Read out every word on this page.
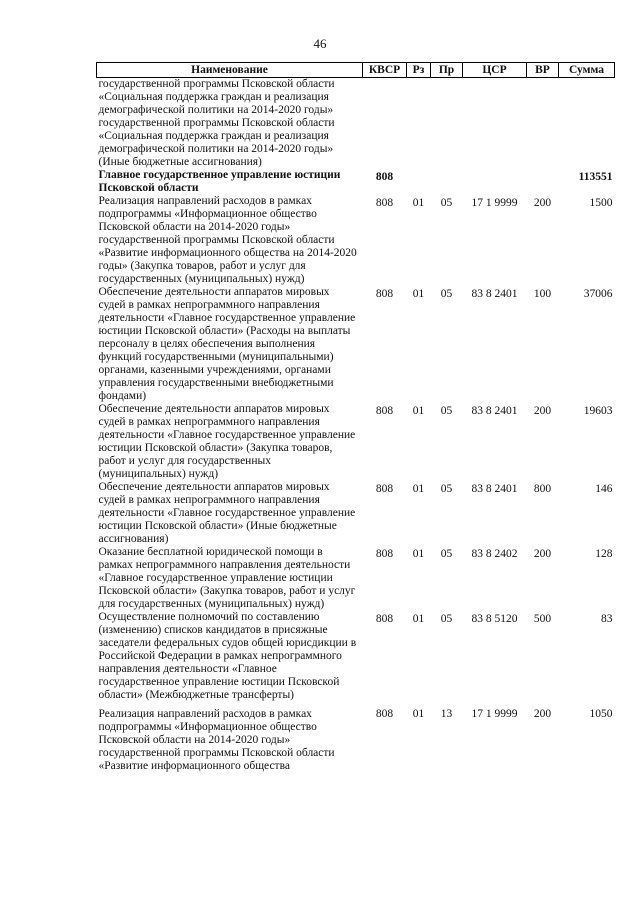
46
Наименование	КВСР	Рз	Пр	ЦСР	ВР	Сумма
государственной программы Псковской области «Социальная поддержка граждан и реализация демографической политики на 2014-2020 годы» государственной программы Псковской области «Социальная поддержка граждан и реализация демографической политики на 2014-2020 годы» (Иные бюджетные ассигнования)						
Главное государственное управление юстиции Псковской области	808					113551
Реализация направлений расходов в рамках подпрограммы «Информационное общество Псковской области на 2014-2020 годы» государственной программы Псковской области «Развитие информационного общества на 2014-2020 годы» (Закупка товаров, работ и услуг для государственных (муниципальных) нужд)	808	01	05	17 1 9999	200	1500
Обеспечение деятельности аппаратов мировых судей в рамках непрограммного направления деятельности «Главное государственное управление юстиции Псковской области» (Расходы на выплаты персоналу в целях обеспечения выполнения функций государственными (муниципальными) органами, казенными учреждениями, органами управления государственными внебюджетными фондами)	808	01	05	83 8 2401	100	37006
Обеспечение деятельности аппаратов мировых судей в рамках непрограммного направления деятельности «Главное государственное управление юстиции Псковской области» (Закупка товаров, работ и услуг для государственных (муниципальных) нужд)	808	01	05	83 8 2401	200	19603
Обеспечение деятельности аппаратов мировых судей в рамках непрограммного направления деятельности «Главное государственное управление юстиции Псковской области» (Иные бюджетные ассигнования)	808	01	05	83 8 2401	800	146
Оказание бесплатной юридической помощи в рамках непрограммного направления деятельности «Главное государственное управление юстиции Псковской области» (Закупка товаров, работ и услуг для государственных (муниципальных) нужд)	808	01	05	83 8 2402	200	128
Осуществление полномочий по составлению (изменению) списков кандидатов в присяжные заседатели федеральных судов общей юрисдикции в Российской Федерации в рамках непрограммного направления деятельности «Главное государственное управление юстиции Псковской области» (Межбюджетные трансферты)	808	01	05	83 8 5120	500	83
Реализация направлений расходов в рамках подпрограммы «Информационное общество Псковской области на 2014-2020 годы» государственной программы Псковской области «Развитие информационного общества	808	01	13	17 1 9999	200	1050
